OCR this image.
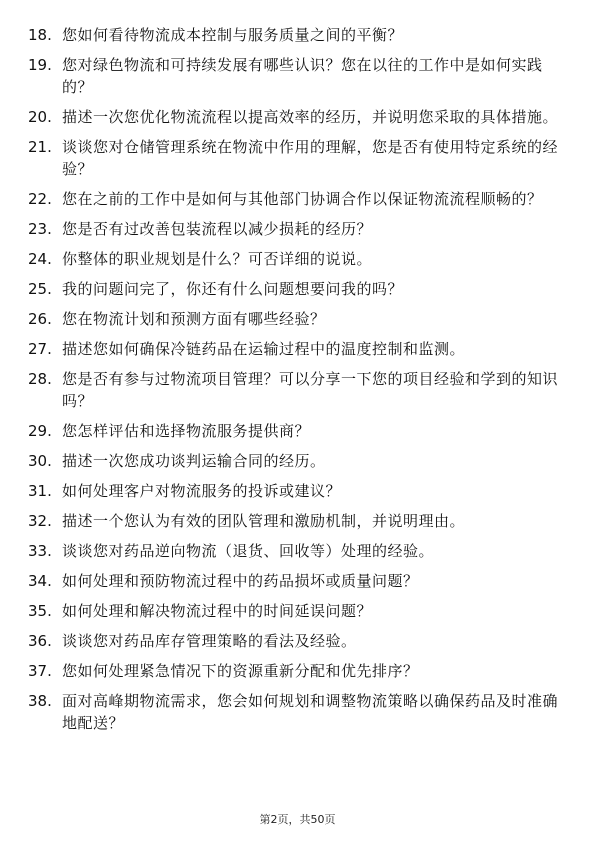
18. 您如何看待物流成本控制与服务质量之间的平衡？
19. 您对绿色物流和可持续发展有哪些认识？您在以往的工作中是如何实践的？
20. 描述一次您优化物流流程以提高效率的经历，并说明您采取的具体措施。
21. 谈谈您对仓储管理系统在物流中作用的理解，您是否有使用特定系统的经验？
22. 您在之前的工作中是如何与其他部门协调合作以保证物流流程顺畅的？
23. 您是否有过改善包装流程以减少损耗的经历？
24. 你整体的职业规划是什么？可否详细的说说。
25. 我的问题问完了，你还有什么问题想要问我的吗？
26. 您在物流计划和预测方面有哪些经验？
27. 描述您如何确保冷链药品在运输过程中的温度控制和监测。
28. 您是否有参与过物流项目管理？可以分享一下您的项目经验和学到的知识吗？
29. 您怎样评估和选择物流服务提供商？
30. 描述一次您成功谈判运输合同的经历。
31. 如何处理客户对物流服务的投诉或建议？
32. 描述一个您认为有效的团队管理和激励机制，并说明理由。
33. 谈谈您对药品逆向物流（退货、回收等）处理的经验。
34. 如何处理和预防物流过程中的药品损坏或质量问题？
35. 如何处理和解决物流过程中的时间延误问题？
36. 谈谈您对药品库存管理策略的看法及经验。
37. 您如何处理紧急情况下的资源重新分配和优先排序？
38. 面对高峰期物流需求，您会如何规划和调整物流策略以确保药品及时准确地配送？
第2页，共50页
